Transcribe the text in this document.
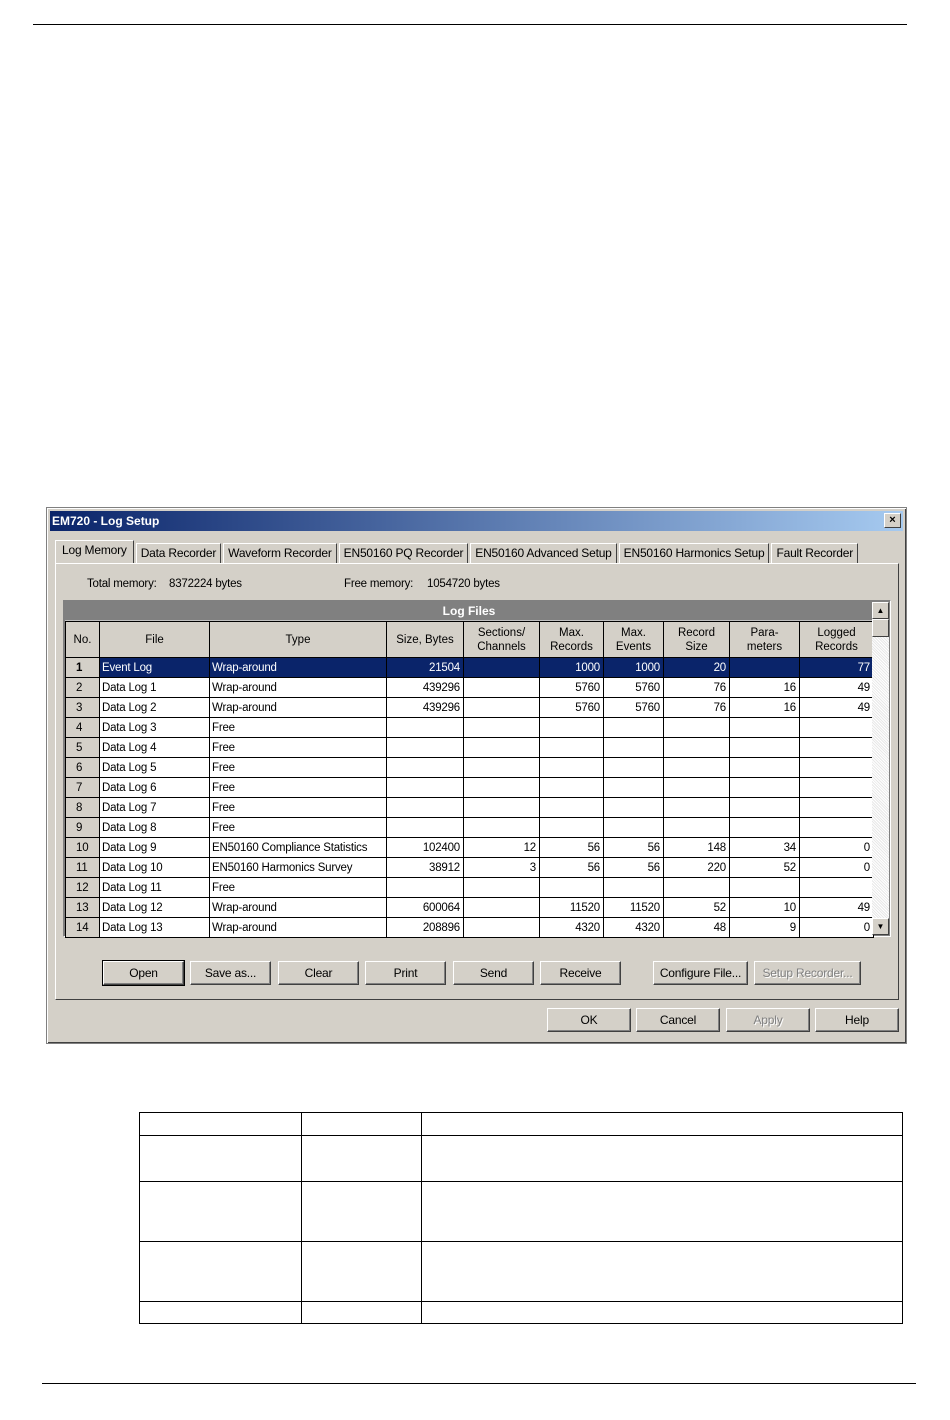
EM720 - Log Setup	×
Log Memory	Data Recorder	Waveform Recorder	EN50160 PQ Recorder	EN50160 Advanced Setup	EN50160 Harmonics Setup	Fault Recorder
Total memory: 8372224 bytes	Free memory: 1054720 bytes
Log Files
No.	File	Type	Size, Bytes	Sections/ Channels	Max. Records	Max. Events	Record Size	Para- meters	Logged Records
1	Event Log	Wrap-around	21504		1000	1000	20		77
2	Data Log 1	Wrap-around	439296		5760	5760	76	16	49
3	Data Log 2	Wrap-around	439296		5760	5760	76	16	49
4	Data Log 3	Free							
5	Data Log 4	Free							
6	Data Log 5	Free							
7	Data Log 6	Free							
8	Data Log 7	Free							
9	Data Log 8	Free							
10	Data Log 9	EN50160 Compliance Statistics	102400	12	56	56	148	34	0
11	Data Log 10	EN50160 Harmonics Survey	38912	3	56	56	220	52	0
12	Data Log 11	Free							
13	Data Log 12	Wrap-around	600064		11520	11520	52	10	49
14	Data Log 13	Wrap-around	208896		4320	4320	48	9	0
▲
▼
Open	Save as...	Clear	Print	Send	Receive	Configure File...	Setup Recorder...
OK	Cancel	Apply	Help
